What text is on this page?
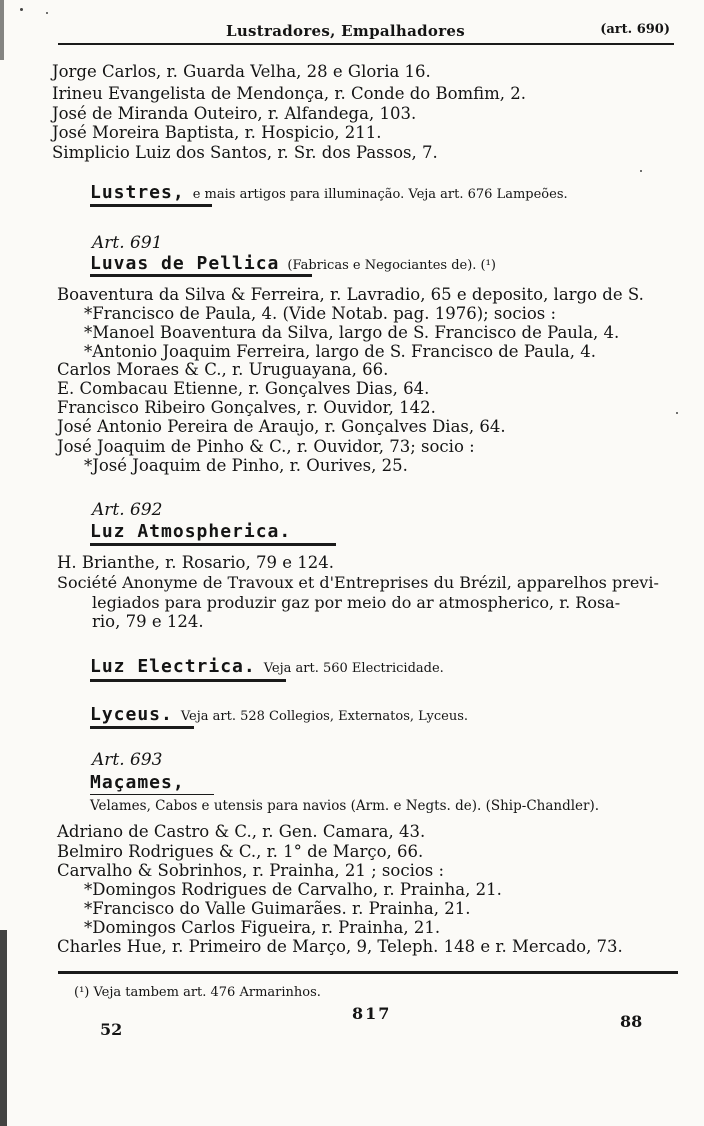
Lustradores, Empalhadores	(art. 690)
Jorge Carlos, r. Guarda Velha, 28 e Gloria 16.
Irineu Evangelista de Mendonça, r. Conde do Bomfim, 2.
José de Miranda Outeiro, r. Alfandega, 103.
José Moreira Baptista, r. Hospicio, 211.
Simplicio Luiz dos Santos, r. Sr. dos Passos, 7.
Lustres, e mais artigos para illuminação. Veja art. 676 Lampeões.
Art. 691
Luvas de Pellica (Fabricas e Negociantes de). (¹)
Boaventura da Silva & Ferreira, r. Lavradio, 65 e deposito, largo de S.
*Francisco de Paula, 4. (Vide Notab. pag. 1976); socios :
*Manoel Boaventura da Silva, largo de S. Francisco de Paula, 4.
*Antonio Joaquim Ferreira, largo de S. Francisco de Paula, 4.
Carlos Moraes & C., r. Uruguayana, 66.
E. Combacau Etienne, r. Gonçalves Dias, 64.
Francisco Ribeiro Gonçalves, r. Ouvidor, 142.
José Antonio Pereira de Araujo, r. Gonçalves Dias, 64.
José Joaquim de Pinho & C., r. Ouvidor, 73; socio :
*José Joaquim de Pinho, r. Ourives, 25.
Art. 692
Luz Atmospherica.
H. Brianthe, r. Rosario, 79 e 124.
Société Anonyme de Travoux et d'Entreprises du Brézil, apparelhos previ-
legiados para produzir gaz por meio do ar atmospherico, r. Rosa-
rio, 79 e 124.
Luz Electrica. Veja art. 560 Electricidade.
Lyceus. Veja art. 528 Collegios, Externatos, Lyceus.
Art. 693
Maçames,
Velames, Cabos e utensis para navios (Arm. e Negts. de). (Ship-Chandler).
Adriano de Castro & C., r. Gen. Camara, 43.
Belmiro Rodrigues & C., r. 1° de Março, 66.
Carvalho & Sobrinhos, r. Prainha, 21 ; socios :
*Domingos Rodrigues de Carvalho, r. Prainha, 21.
*Francisco do Valle Guimarães. r. Prainha, 21.
*Domingos Carlos Figueira, r. Prainha, 21.
Charles Hue, r. Primeiro de Março, 9, Teleph. 148 e r. Mercado, 73.
(¹) Veja tambem art. 476 Armarinhos.
817
52	88
